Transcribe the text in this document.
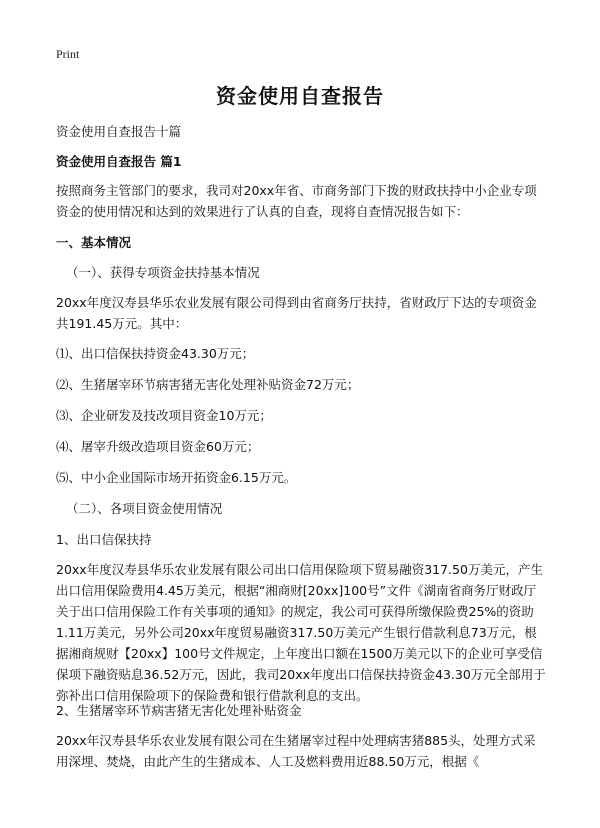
Print
资金使用自查报告
资金使用自查报告十篇
资金使用自查报告 篇1
按照商务主管部门的要求，我司对20xx年省、市商务部门下拨的财政扶持中小企业专项资金的使用情况和达到的效果进行了认真的自查，现将自查情况报告如下：
一、基本情况
（一）、获得专项资金扶持基本情况
20xx年度汉寿县华乐农业发展有限公司得到由省商务厅扶持，省财政厅下达的专项资金共191.45万元。其中：
⑴、出口信保扶持资金43.30万元；
⑵、生猪屠宰环节病害猪无害化处理补贴资金72万元；
⑶、企业研发及技改项目资金10万元；
⑷、屠宰升级改造项目资金60万元；
⑸、中小企业国际市场开拓资金6.15万元。
（二）、各项目资金使用情况
1、出口信保扶持
20xx年度汉寿县华乐农业发展有限公司出口信用保险项下贸易融资317.50万美元，产生出口信用保险费用4.45万美元，根据“湘商财[20xx]100号”文件《湖南省商务厅财政厅关于出口信用保险工作有关事项的通知》的规定，我公司可获得所缴保险费25%的资助1.11万美元，另外公司20xx年度贸易融资317.50万美元产生银行借款利息73万元，根据湘商规财【20xx】100号文件规定，上年度出口额在1500万美元以下的企业可享受信保项下融资贴息36.52万元，因此，我司20xx年度出口信保扶持资金43.30万元全部用于弥补出口信用保险项下的保险费和银行借款利息的支出。
2、生猪屠宰环节病害猪无害化处理补贴资金
20xx年汉寿县华乐农业发展有限公司在生猪屠宰过程中处理病害猪885头，处理方式采用深埋、焚烧，由此产生的生猪成本、人工及燃料费用近88.50万元，根据《
